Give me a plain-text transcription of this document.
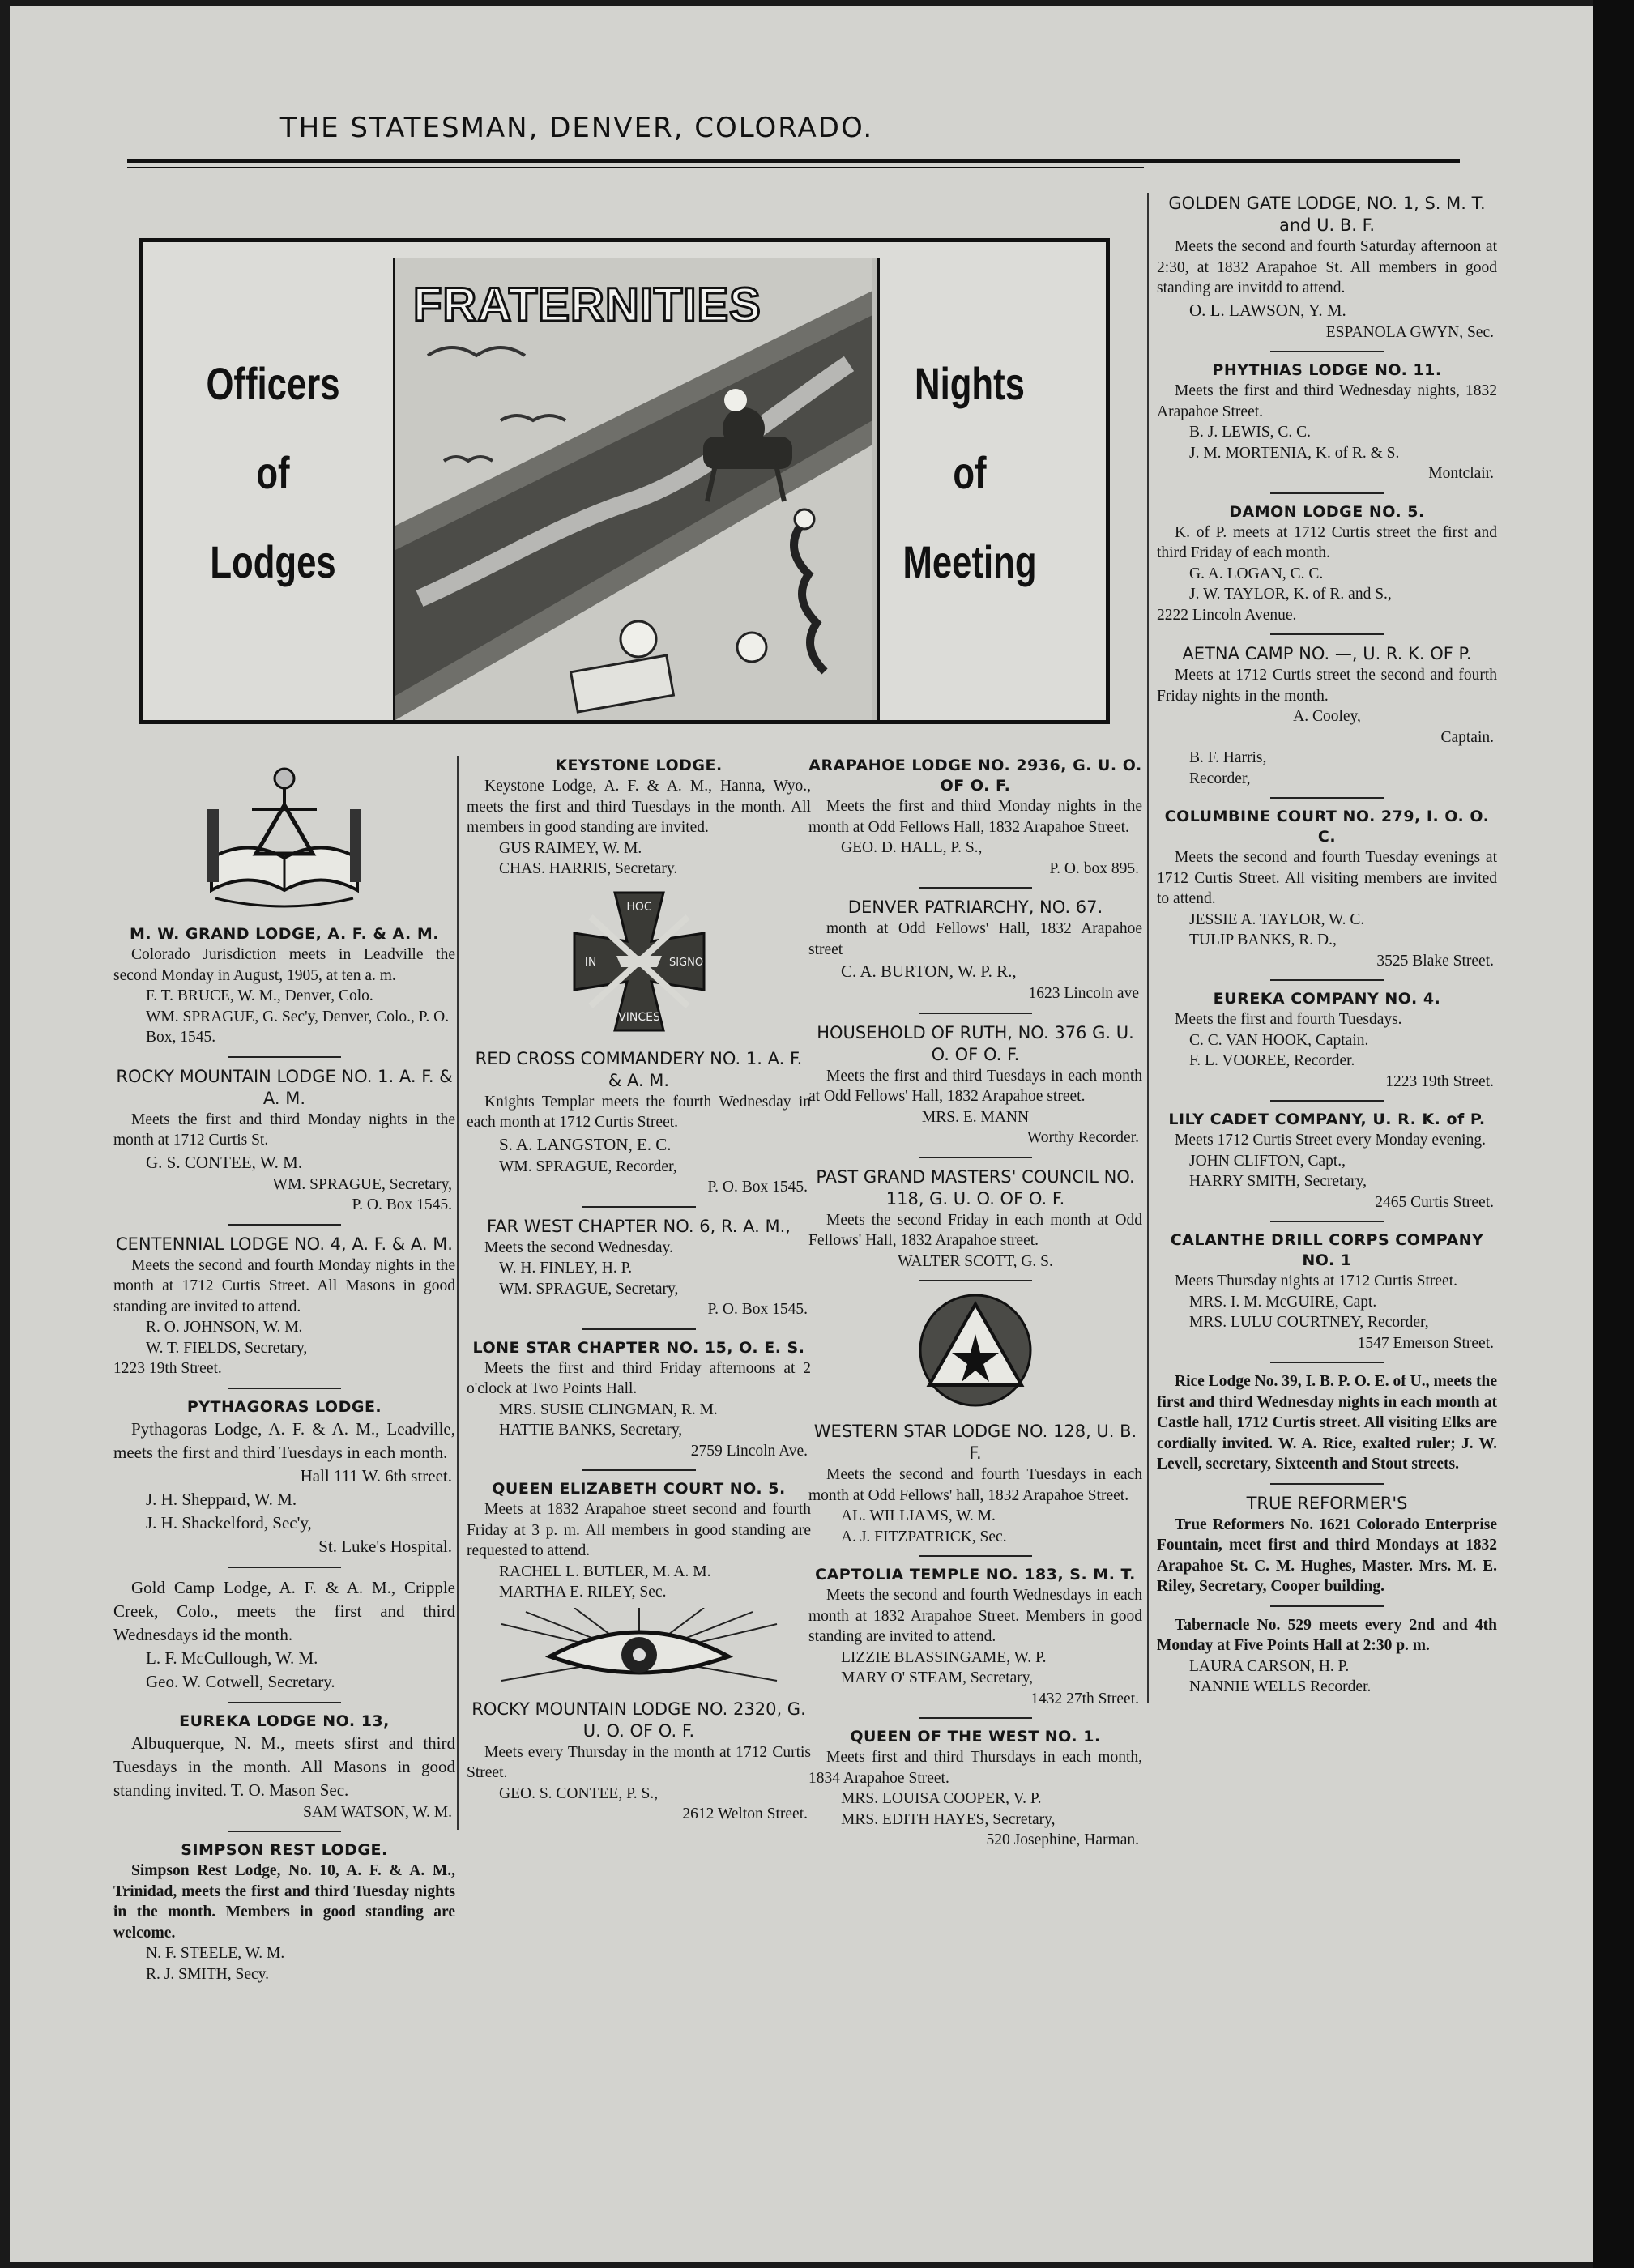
THE STATESMAN, DENVER, COLORADO.
Officers
of
Lodges
FRATERNITIES
Nights
of
Meeting
M. W. GRAND LODGE, A. F. & A. M.
Colorado Jurisdiction meets in Leadville the second Monday in August, 1905, at ten a. m.
F. T. BRUCE, W. M., Denver, Colo.
WM. SPRAGUE, G. Sec'y, Denver, Colo., P. O. Box, 1545.
ROCKY MOUNTAIN LODGE NO. 1. A. F. & A. M.
Meets the first and third Monday nights in the month at 1712 Curtis St.
G. S. CONTEE, W. M.
WM. SPRAGUE, Secretary,
P. O. Box 1545.
CENTENNIAL LODGE NO. 4, A. F. & A. M.
Meets the second and fourth Monday nights in the month at 1712 Curtis Street. All Masons in good standing are invited to attend.
R. O. JOHNSON, W. M.
W. T. FIELDS, Secretary,
1223 19th Street.
PYTHAGORAS LODGE.
Pythagoras Lodge, A. F. & A. M., Leadville, meets the first and third Tuesdays in each month.
Hall 111 W. 6th street.
J. H. Sheppard, W. M.
J. H. Shackelford, Sec'y,
St. Luke's Hospital.
Gold Camp Lodge, A. F. & A. M., Cripple Creek, Colo., meets the first and third Wednesdays id the month.
L. F. McCullough, W. M.
Geo. W. Cotwell, Secretary.
EUREKA LODGE NO. 13,
Albuquerque, N. M., meets sfirst and third Tuesdays in the month. All Masons in good standing invited. T. O. Mason Sec.
SAM WATSON, W. M.
SIMPSON REST LODGE.
Simpson Rest Lodge, No. 10, A. F. & A. M., Trinidad, meets the first and third Tuesday nights in the month. Members in good standing are welcome.
N. F. STEELE, W. M.
R. J. SMITH, Secy.
KEYSTONE LODGE.
Keystone Lodge, A. F. & A. M., Hanna, Wyo., meets the first and third Tuesdays in the month. All members in good standing are invited.
GUS RAIMEY, W. M.
CHAS. HARRIS, Secretary.
HOC
IN	SIGNO
VINCES
RED CROSS COMMANDERY NO. 1. A. F. & A. M.
Knights Templar meets the fourth Wednesday in each month at 1712 Curtis Street.
S. A. LANGSTON, E. C.
WM. SPRAGUE, Recorder,
P. O. Box 1545.
FAR WEST CHAPTER NO. 6, R. A. M.,
Meets the second Wednesday.
W. H. FINLEY, H. P.
WM. SPRAGUE, Secretary,
P. O. Box 1545.
LONE STAR CHAPTER NO. 15, O. E. S.
Meets the first and third Friday afternoons at 2 o'clock at Two Points Hall.
MRS. SUSIE CLINGMAN, R. M.
HATTIE BANKS, Secretary,
2759 Lincoln Ave.
QUEEN ELIZABETH COURT NO. 5.
Meets at 1832 Arapahoe street second and fourth Friday at 3 p. m. All members in good standing are requested to attend.
RACHEL L. BUTLER, M. A. M.
MARTHA E. RILEY, Sec.
ROCKY MOUNTAIN LODGE NO. 2320, G. U. O. OF O. F.
Meets every Thursday in the month at 1712 Curtis Street.
GEO. S. CONTEE, P. S.,
2612 Welton Street.
ARAPAHOE LODGE NO. 2936, G. U. O. OF O. F.
Meets the first and third Monday nights in the month at Odd Fellows Hall, 1832 Arapahoe Street.
GEO. D. HALL, P. S.,
P. O. box 895.
DENVER PATRIARCHY, NO. 67.
month at Odd Fellows' Hall, 1832 Arapahoe street
C. A. BURTON, W. P. R.,
1623 Lincoln ave
HOUSEHOLD OF RUTH, NO. 376 G. U. O. OF O. F.
Meets the first and third Tuesdays in each month at Odd Fellows' Hall, 1832 Arapahoe street.
MRS. E. MANN
Worthy Recorder.
PAST GRAND MASTERS' COUNCIL NO. 118, G. U. O. OF O. F.
Meets the second Friday in each month at Odd Fellows' Hall, 1832 Arapahoe street.
WALTER SCOTT, G. S.
WESTERN STAR LODGE NO. 128, U. B. F.
Meets the second and fourth Tuesdays in each month at Odd Fellows' hall, 1832 Arapahoe Street.
AL. WILLIAMS, W. M.
A. J. FITZPATRICK, Sec.
CAPTOLIA TEMPLE NO. 183, S. M. T.
Meets the second and fourth Wednesdays in each month at 1832 Arapahoe Street. Members in good standing are invited to attend.
LIZZIE BLASSINGAME, W. P.
MARY O' STEAM, Secretary,
1432 27th Street.
QUEEN OF THE WEST NO. 1.
Meets first and third Thursdays in each month, 1834 Arapahoe Street.
MRS. LOUISA COOPER, V. P.
MRS. EDITH HAYES, Secretary,
520 Josephine, Harman.
GOLDEN GATE LODGE, NO. 1, S. M. T. and U. B. F.
Meets the second and fourth Saturday afternoon at 2:30, at 1832 Arapahoe St. All members in good standing are invitdd to attend.
O. L. LAWSON, Y. M.
ESPANOLA GWYN, Sec.
PHYTHIAS LODGE NO. 11.
Meets the first and third Wednesday nights, 1832 Arapahoe Street.
B. J. LEWIS, C. C.
J. M. MORTENIA, K. of R. & S.
Montclair.
DAMON LODGE NO. 5.
K. of P. meets at 1712 Curtis street the first and third Friday of each month.
G. A. LOGAN, C. C.
J. W. TAYLOR, K. of R. and S.,
2222 Lincoln Avenue.
AETNA CAMP NO. —, U. R. K. OF P.
Meets at 1712 Curtis street the second and fourth Friday nights in the month.
A. Cooley,
Captain.
B. F. Harris,
Recorder,
COLUMBINE COURT NO. 279, I. O. O. C.
Meets the second and fourth Tuesday evenings at 1712 Curtis Street. All visiting members are invited to attend.
JESSIE A. TAYLOR, W. C.
TULIP BANKS, R. D.,
3525 Blake Street.
EUREKA COMPANY NO. 4.
Meets the first and fourth Tuesdays.
C. C. VAN HOOK, Captain.
F. L. VOOREE, Recorder.
1223 19th Street.
LILY CADET COMPANY, U. R. K. of P.
Meets 1712 Curtis Street every Monday evening.
JOHN CLIFTON, Capt.,
HARRY SMITH, Secretary,
2465 Curtis Street.
CALANTHE DRILL CORPS COMPANY NO. 1
Meets Thursday nights at 1712 Curtis Street.
MRS. I. M. McGUIRE, Capt.
MRS. LULU COURTNEY, Recorder,
1547 Emerson Street.
Rice Lodge No. 39, I. B. P. O. E. of U., meets the first and third Wednesday nights in each month at Castle hall, 1712 Curtis street. All visiting Elks are cordially invited. W. A. Rice, exalted ruler; J. W. Levell, secretary, Sixteenth and Stout streets.
TRUE REFORMER'S
True Reformers No. 1621 Colorado Enterprise Fountain, meet first and third Mondays at 1832 Arapahoe St. C. M. Hughes, Master. Mrs. M. E. Riley, Secretary, Cooper building.
Tabernacle No. 529 meets every 2nd and 4th Monday at Five Points Hall at 2:30 p. m.
LAURA CARSON, H. P.
NANNIE WELLS Recorder.
